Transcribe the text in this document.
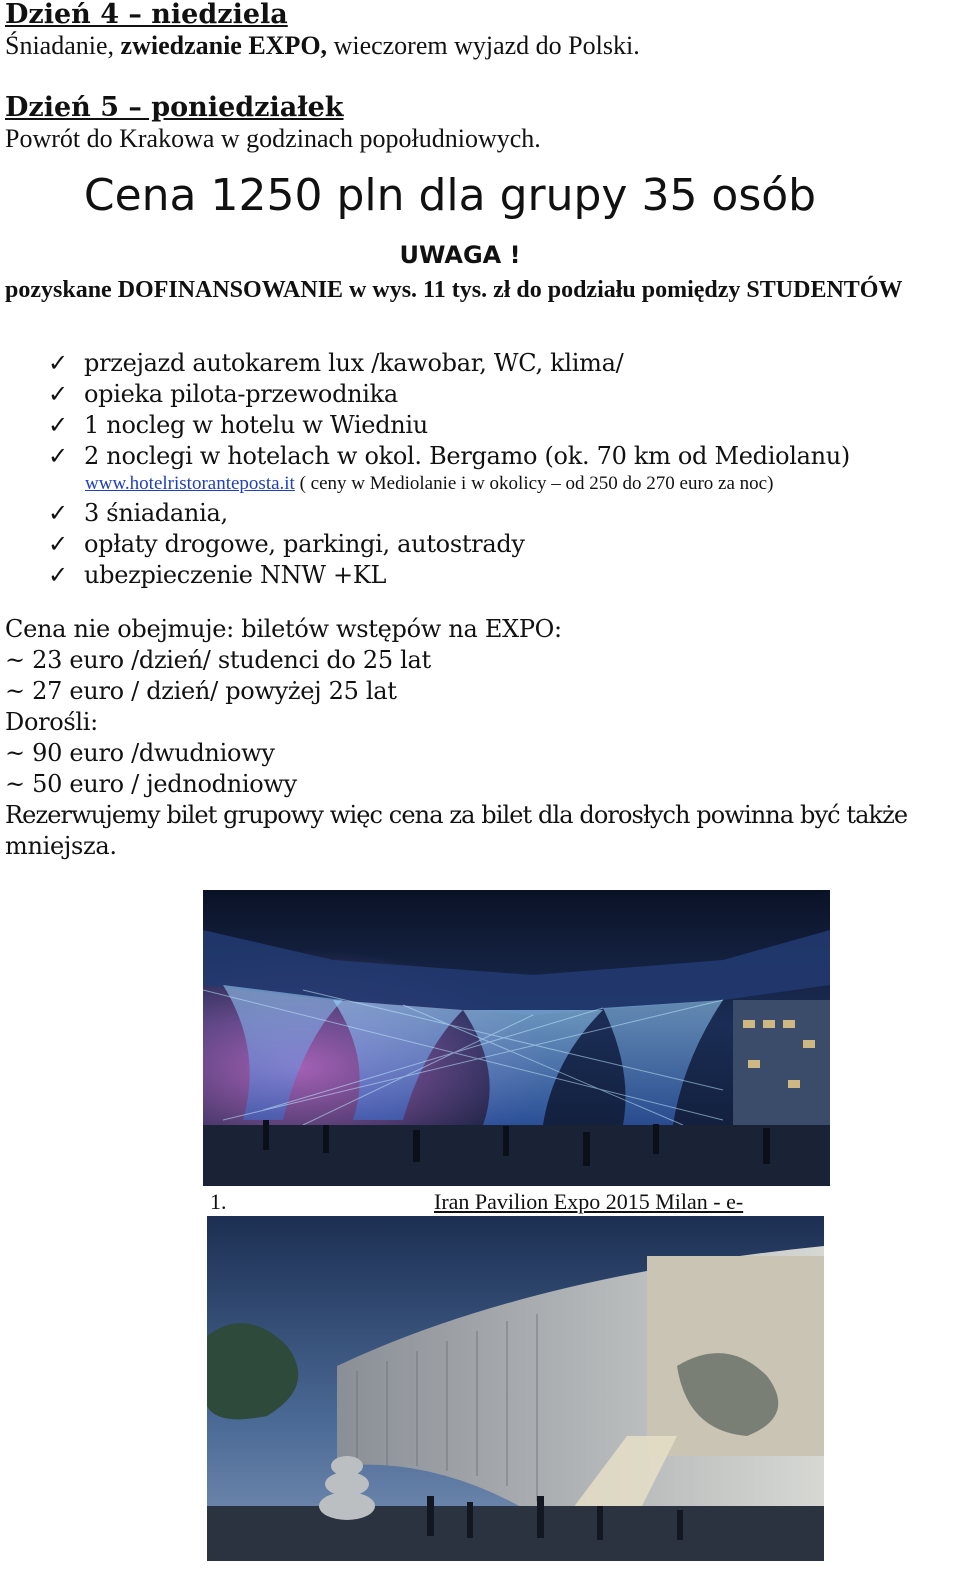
Dzień 4 – niedziela
Śniadanie, zwiedzanie EXPO, wieczorem wyjazd do Polski.
Dzień 5 – poniedziałek
Powrót do Krakowa w godzinach popołudniowych.
Cena 1250 pln dla grupy 35 osób
UWAGA !
pozyskane DOFINANSOWANIE w wys. 11 tys. zł do podziału pomiędzy STUDENTÓW
✓ przejazd autokarem lux /kawobar, WC, klima/
✓ opieka pilota-przewodnika
✓ 1 nocleg w hotelu w Wiedniu
✓ 2 noclegi w hotelach w okol. Bergamo (ok. 70 km od Mediolanu)
www.hotelristoranteposta.it ( ceny w Mediolanie i w okolicy – od 250 do 270 euro za noc)
✓ 3 śniadania,
✓ opłaty drogowe, parkingi, autostrady
✓ ubezpieczenie NNW +KL
Cena nie obejmuje: biletów wstępów na EXPO:
~ 23 euro /dzień/ studenci do 25 lat
~ 27 euro / dzień/ powyżej 25 lat
Dorośli:
~ 90 euro /dwudniowy
~ 50 euro / jednodniowy
Rezerwujemy bilet grupowy więc cena za bilet dla dorosłych powinna być także
mniejsza.
1.	Iran Pavilion Expo 2015 Milan - e-
